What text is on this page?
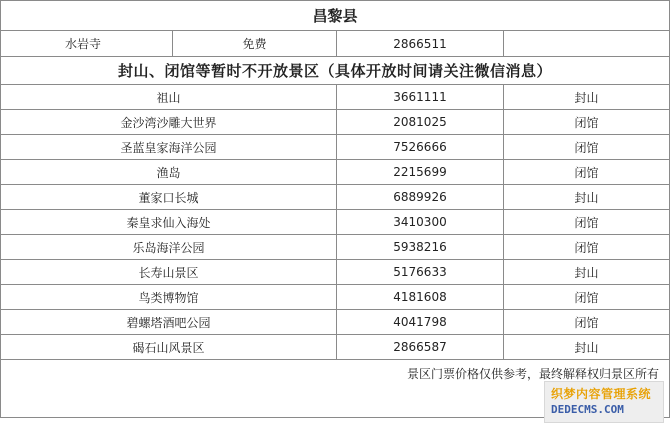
昌黎县			
水岩寺	免费	2866511	
封山、闭馆等暂时不开放景区（具体开放时间请关注微信消息）			
祖山		3661111	封山
金沙湾沙雕大世界		2081025	闭馆
圣蓝皇家海洋公园		7526666	闭馆
渔岛		2215699	闭馆
董家口长城		6889926	封山
秦皇求仙入海处		3410300	闭馆
乐岛海洋公园		5938216	闭馆
长寿山景区		5176633	封山
鸟类博物馆		4181608	闭馆
碧螺塔酒吧公园		4041798	闭馆
碣石山风景区		2866587	封山
景区门票价格仅供参考，最终解释权归景区所有			
织梦内容管理系统
DEDECMS.COM
